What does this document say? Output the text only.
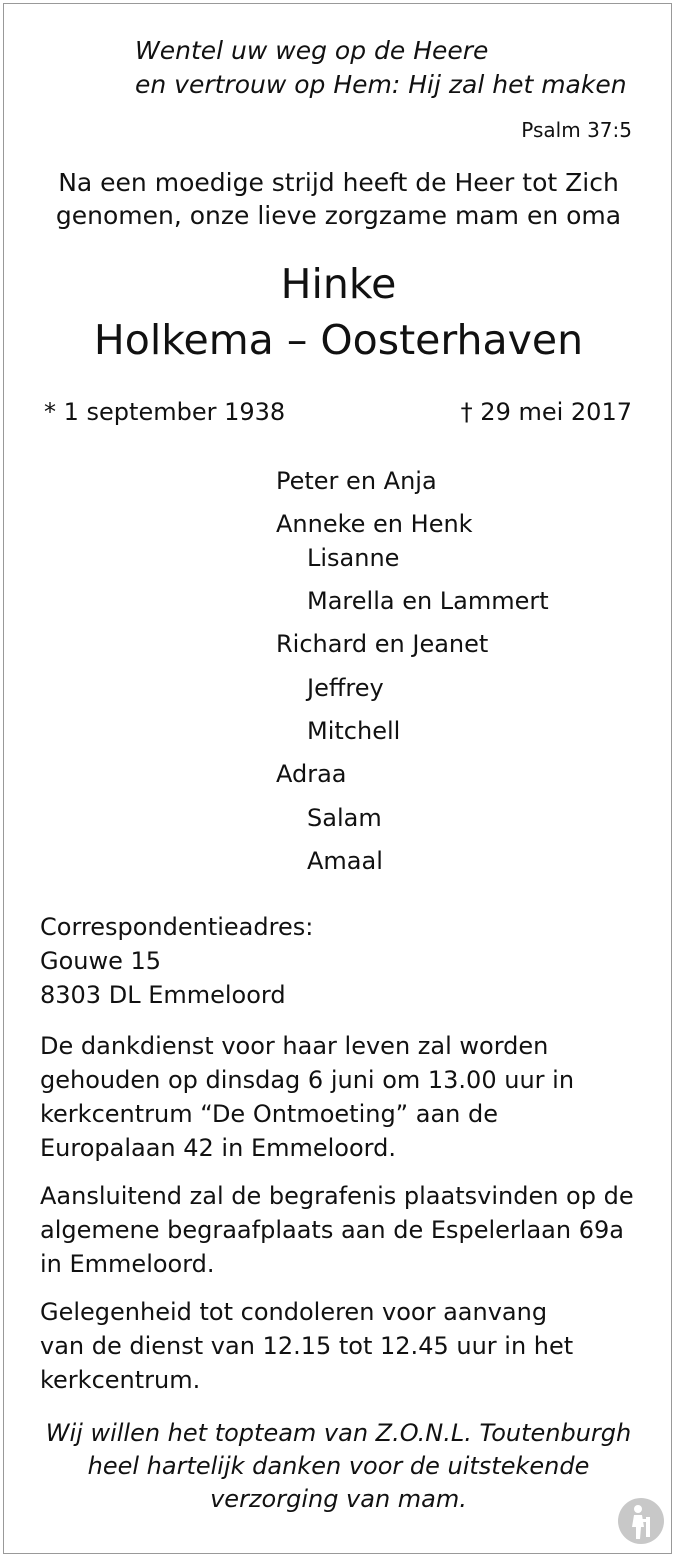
Wentel uw weg op de Heere
en vertrouw op Hem: Hij zal het maken
Psalm 37:5
Na een moedige strijd heeft de Heer tot Zich
genomen, onze lieve zorgzame mam en oma
Hinke
Holkema – Oosterhaven
* 1 september 1938	† 29 mei 2017
Peter en Anja
Anneke en Henk
Lisanne
Marella en Lammert
Richard en Jeanet
Jeffrey
Mitchell
Adraa
Salam
Amaal
Correspondentieadres:
Gouwe 15
8303 DL Emmeloord
De dankdienst voor haar leven zal worden
gehouden op dinsdag 6 juni om 13.00 uur in
kerkcentrum “De Ontmoeting” aan de
Europalaan 42 in Emmeloord.
Aansluitend zal de begrafenis plaatsvinden op de
algemene begraafplaats aan de Espelerlaan 69a
in Emmeloord.
Gelegenheid tot condoleren voor aanvang
van de dienst van 12.15 tot 12.45 uur in het
kerkcentrum.
Wij willen het topteam van Z.O.N.L. Toutenburgh
heel hartelijk danken voor de uitstekende
verzorging van mam.
